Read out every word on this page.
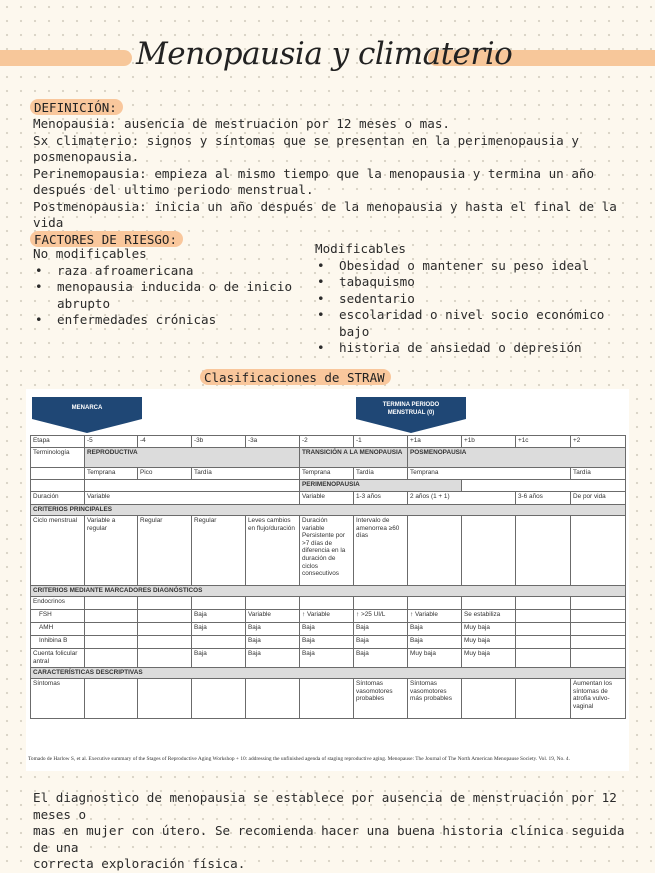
Menopausia y climaterio
DEFINICIÓN:

Menopausia: ausencia de mestruacion por 12 meses o mas.

Sx climaterio: signos y síntomas que se presentan en la perimenopausia y

posmenopausia.

Perinemopausia: empieza al mismo tiempo que la menopausia y termina un año

después del ultimo periodo menstrual.

Postmenopausia: inicia un año después de la menopausia y hasta el final de la vida

FACTORES DE RIESGO:

No modificables

• raza afroamericana
• menopausia inducida o de inicio

abrupto

• enfermedades crónicas

Modificables

• Obesidad o mantener su peso ideal
• tabaquismo
• sedentario
• escolaridad o nivel socio económico bajo
• historia de ansiedad o depresión
Clasificaciones de STRAW
MENARCA	TERMINA PERIODO
MENSTRUAL (0)
Etapa	-5	-4	-3b	-3a	-2	-1	+1a	+1b	+1c	+2
Terminología	REPRODUCTIVA				TRANSICIÓN A LA MENOPAUSIA		POSMENOPAUSIA			
	Temprana	Pico	Tardía		Temprana	Tardía	Temprana			Tardía
					PERIMENOPAUSIA					
Duración	Variable				Variable	1-3 años	2 años (1 + 1)		3-6 años	De por vida
CRITERIOS PRINCIPALES										
Ciclo menstrual	Variable a regular	Regular	Regular	Leves cambios en flujo/duración	Duración variable Persistente por >7 días de diferencia en la duración de ciclos consecutivos	Intervalo de amenorrea ≥60 días				
CRITERIOS MEDIANTE MARCADORES DIAGNÓSTICOS										
Endocrinos										
FSH			Baja	Variable	↑ Variable	↑ >25 UI/L	↑ Variable	Se estabiliza		
AMH			Baja	Baja	Baja	Baja	Baja	Muy baja		
Inhibina B				Baja	Baja	Baja	Baja	Muy baja		
Cuenta folicular antral			Baja	Baja	Baja	Baja	Muy baja	Muy baja		
CARACTERÍSTICAS DESCRIPTIVAS										
Síntomas						Síntomas vasomotores probables	Síntomas vasomotores más probables			Aumentan los síntomas de atrofia vulvo-vaginal
Tomado de Harlow S, et al. Executive summary of the Stages of Reproductive Aging Workshop + 10: addressing the unfinished agenda of staging reproductive aging. Menopause: The Journal of The North American Menopause Society. Vol. 19, No. 4.

El diagnostico de menopausia se establece por ausencia de menstruación por 12 meses o

mas en mujer con útero. Se recomienda hacer una buena historia clínica seguida de una

correcta exploración física.
